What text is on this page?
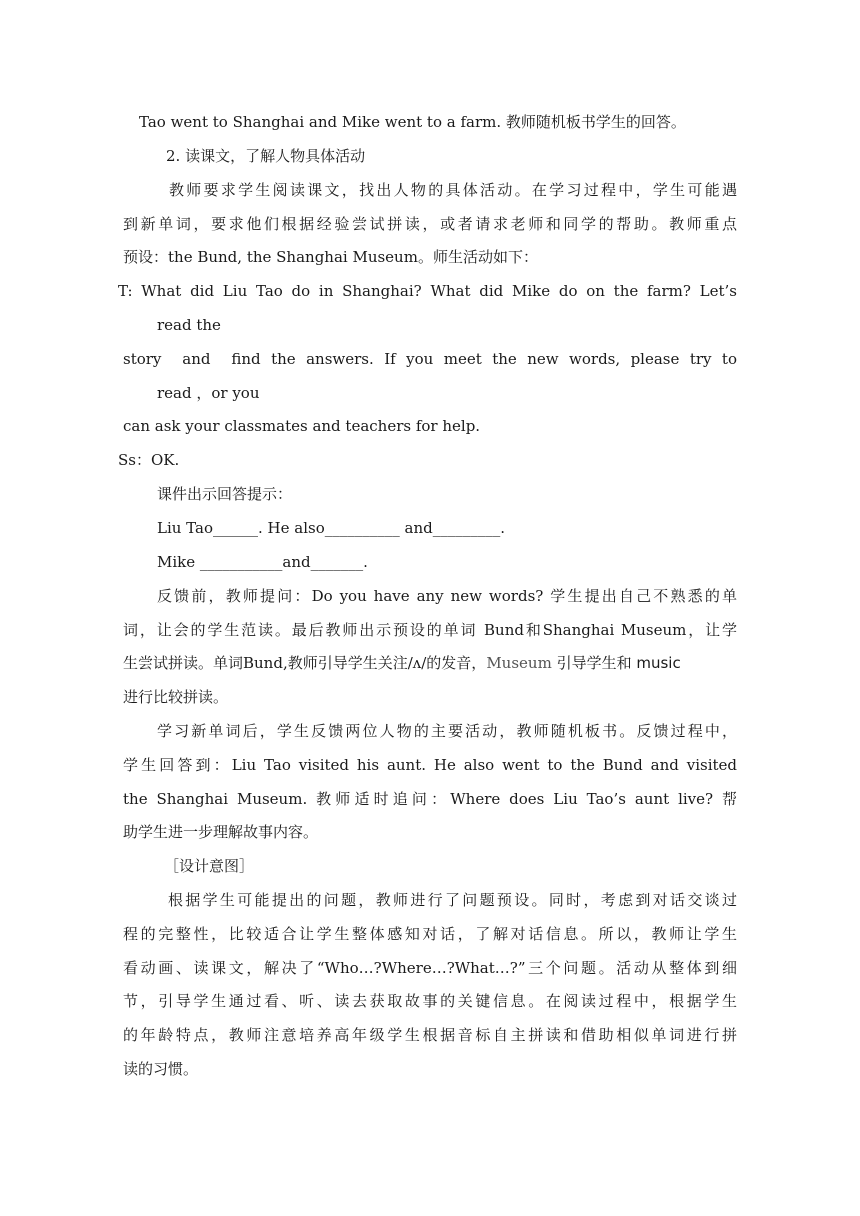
Tao went to Shanghai and Mike went to a farm. 教师随机板书学生的回答。
2. 读课文，了解人物具体活动
教师要求学生阅读课文，找出人物的具体活动。在学习过程中，学生可能遇
到新单词，要求他们根据经验尝试拼读，或者请求老师和同学的帮助。教师重点
预设：the Bund, the Shanghai Museum。师生活动如下：
T: What did Liu Tao do in Shanghai? What did Mike do on the farm? Let’s
read the
story  and  find the answers. If you meet the new words, please try to
read ，or you
can ask your classmates and teachers for help.
Ss：OK.
课件出示回答提示：
Liu Tao______. He also__________ and_________.
Mike ___________and_______.
反馈前，教师提问：Do you have any new words? 学生提出自己不熟悉的单
词，让会的学生范读。最后教师出示预设的单词 Bund和Shanghai Museum，让学
生尝试拼读。单词Bund,教师引导学生关注/ʌ/的发音，Museum 引导学生和 music
进行比较拼读。
学习新单词后，学生反馈两位人物的主要活动，教师随机板书。反馈过程中，
学生回答到：Liu Tao visited his aunt. He also went to the Bund and visited
the Shanghai Museum. 教师适时追问：Where does Liu Tao’s aunt live? 帮
助学生进一步理解故事内容。
［设计意图］
根据学生可能提出的问题，教师进行了问题预设。同时，考虑到对话交谈过
程的完整性，比较适合让学生整体感知对话，了解对话信息。所以，教师让学生
看动画、读课文，解决了“Who…?Where…?What…?”三个问题。活动从整体到细
节，引导学生通过看、听、读去获取故事的关键信息。在阅读过程中，根据学生
的年龄特点，教师注意培养高年级学生根据音标自主拼读和借助相似单词进行拼
读的习惯。
